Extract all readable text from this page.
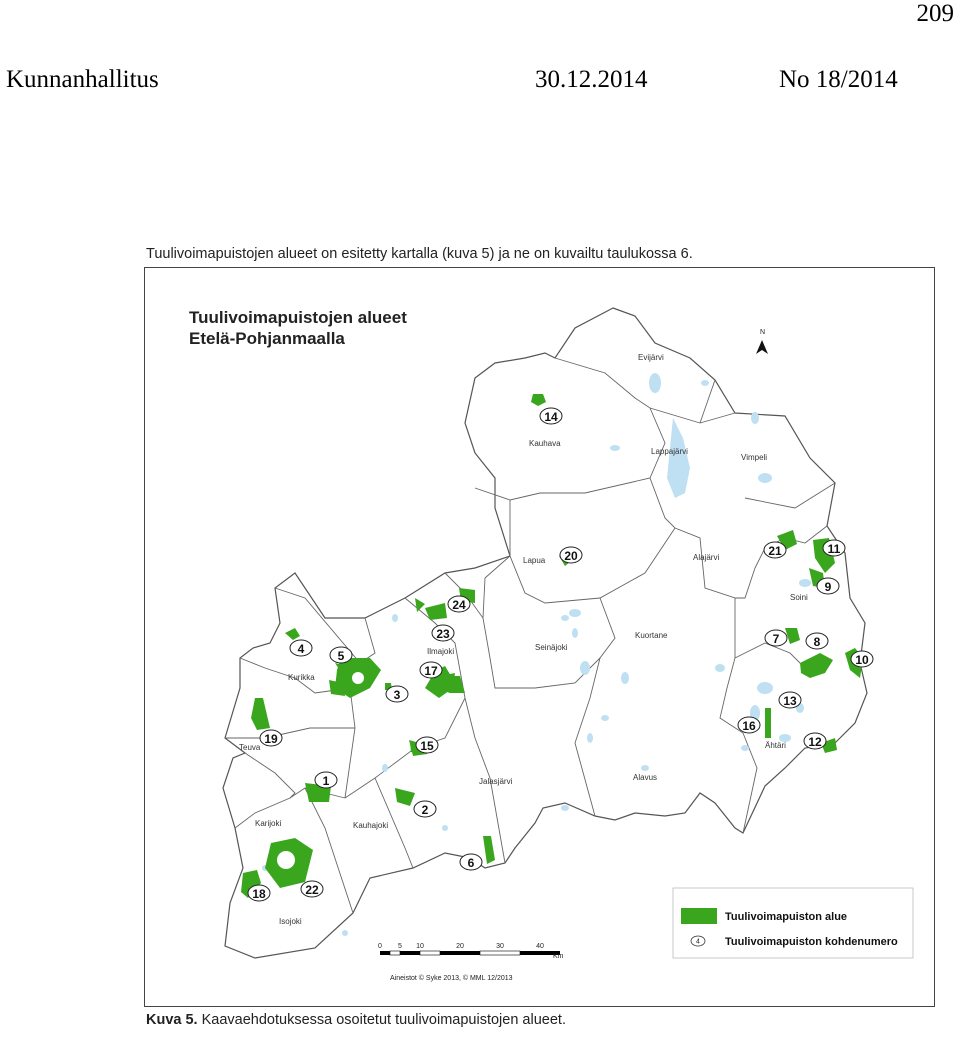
209
Kunnanhallitus	30.12.2014	No 18/2014
Tuulivoimapuistojen alueet on esitetty kartalla (kuva 5) ja ne on kuvailtu taulukossa 6.
Tuulivoimapuistojen alueet
Etelä-Pohjanmaalla	N
Evijärvi
Kauhava
Lappajärvi
Vimpeli
Lapua	Alajärvi
Soini
Kuortane
Seinäjoki
Ilmajoki
Kurikka
Teuva
Jalasjärvi	Alavus
Ähtäri
Kauhajoki
Karijoki
Isojoki
1
2
3
4	5
6
7	8
9
10
11
12
13
14
15
16
17
18
19
20	21
22
23
24
Tuulivoimapuiston alue
4 Tuulivoimapuiston kohdenumero
0 5 10	20	30	40
Km
Aineistot © Syke 2013, © MML 12/2013
Kuva 5. Kaavaehdotuksessa osoitetut tuulivoimapuistojen alueet.
